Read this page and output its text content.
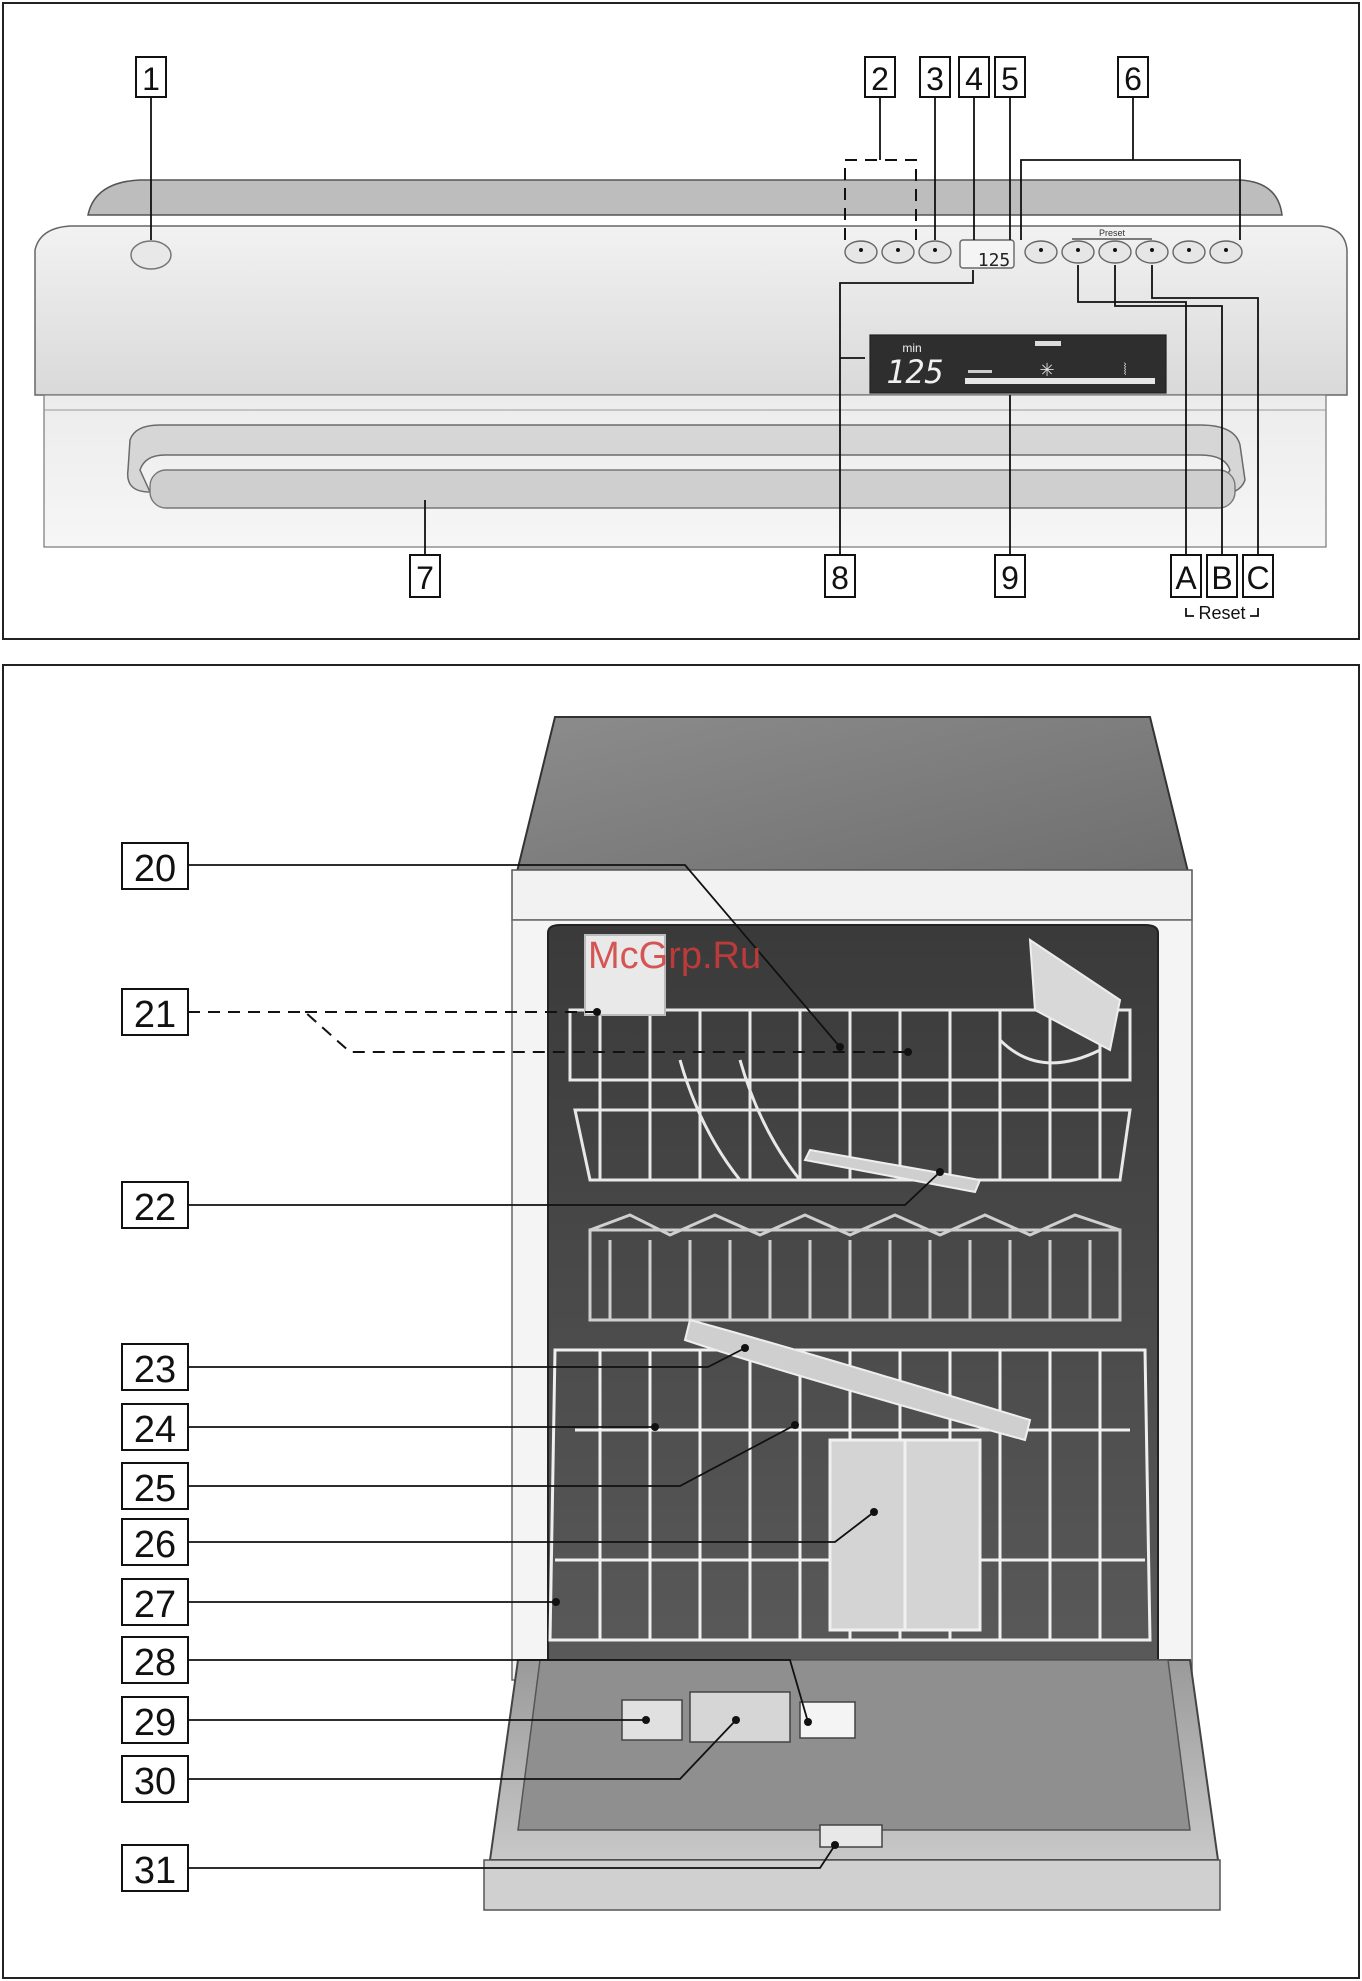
Preset
125
min
125	✳	⦚
1	2 3 4 5	6
7	8	9	A B C
Reset
20
21
22
23
24
25
26
27
28
29
30
31
McGrp.Ru
